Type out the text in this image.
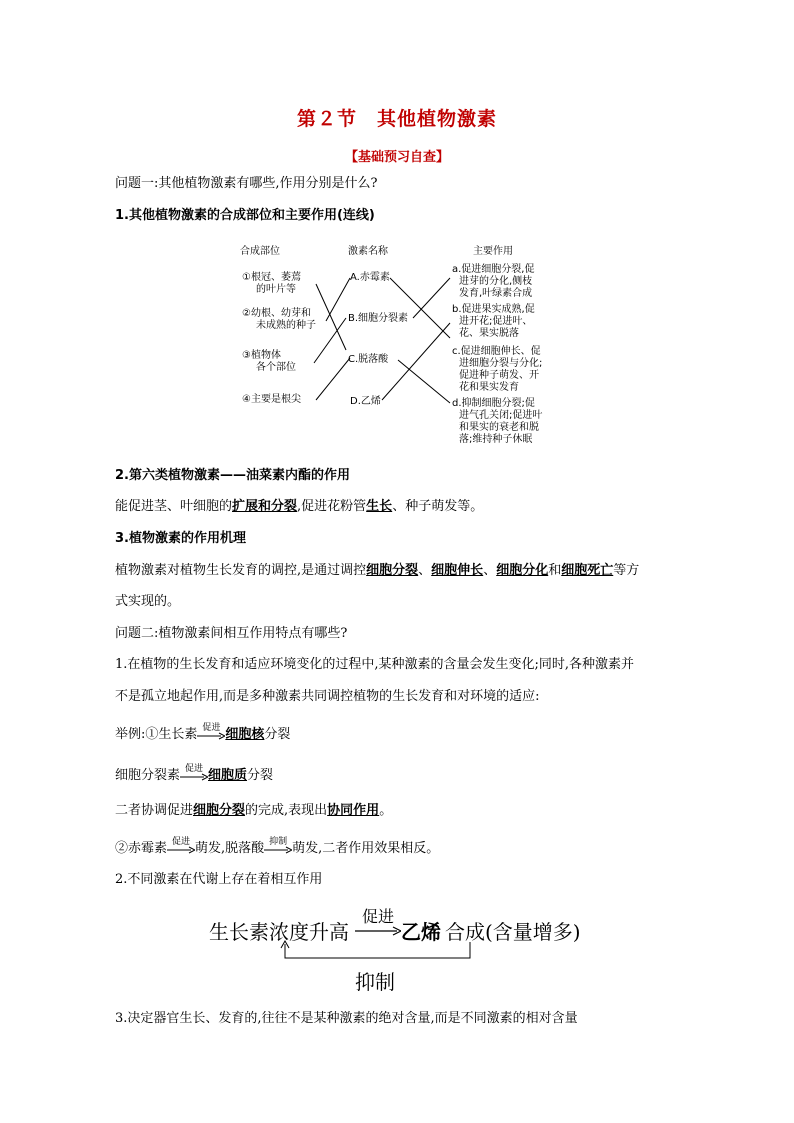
第２节　其他植物激素
【基础预习自查】
问题一:其他植物激素有哪些,作用分别是什么?
1.其他植物激素的合成部位和主要作用(连线)
合成部位	激素名称	主要作用
①根冠、萎蔫
的叶片等
②幼根、幼芽和
未成熟的种子
③植物体
各个部位
④主要是根尖
A.赤霉素
B.细胞分裂素
C.脱落酸
D.乙烯
a.促进细胞分裂,促
进芽的分化,侧枝
发育,叶绿素合成
b.促进果实成熟,促
进开花;促进叶、
花、果实脱落
c.促进细胞伸长、促
进细胞分裂与分化;
促进种子萌发、开
花和果实发育
d.抑制细胞分裂;促
进气孔关闭;促进叶
和果实的衰老和脱
落;维持种子休眠
2.第六类植物激素——油菜素内酯的作用
能促进茎、叶细胞的扩展和分裂,促进花粉管生长、种子萌发等。
3.植物激素的作用机理
植物激素对植物生长发育的调控,是通过调控细胞分裂、细胞伸长、细胞分化和细胞死亡等方
式实现的。
问题二:植物激素间相互作用特点有哪些?
1.在植物的生长发育和适应环境变化的过程中,某种激素的含量会发生变化;同时,各种激素并
不是孤立地起作用,而是多种激素共同调控植物的生长发育和对环境的适应:
举例:①生长素 促进 细胞核分裂
细胞分裂素 促进 细胞质分裂
二者协调促进细胞分裂的完成,表现出协同作用。
②赤霉素 促进 萌发,脱落酸 抑制 萌发,二者作用效果相反。
2.不同激素在代谢上存在着相互作用
生长素浓度升高
促进
乙烯 合成(含量增多)
抑制
3.决定器官生长、发育的,往往不是某种激素的绝对含量,而是不同激素的相对含量
